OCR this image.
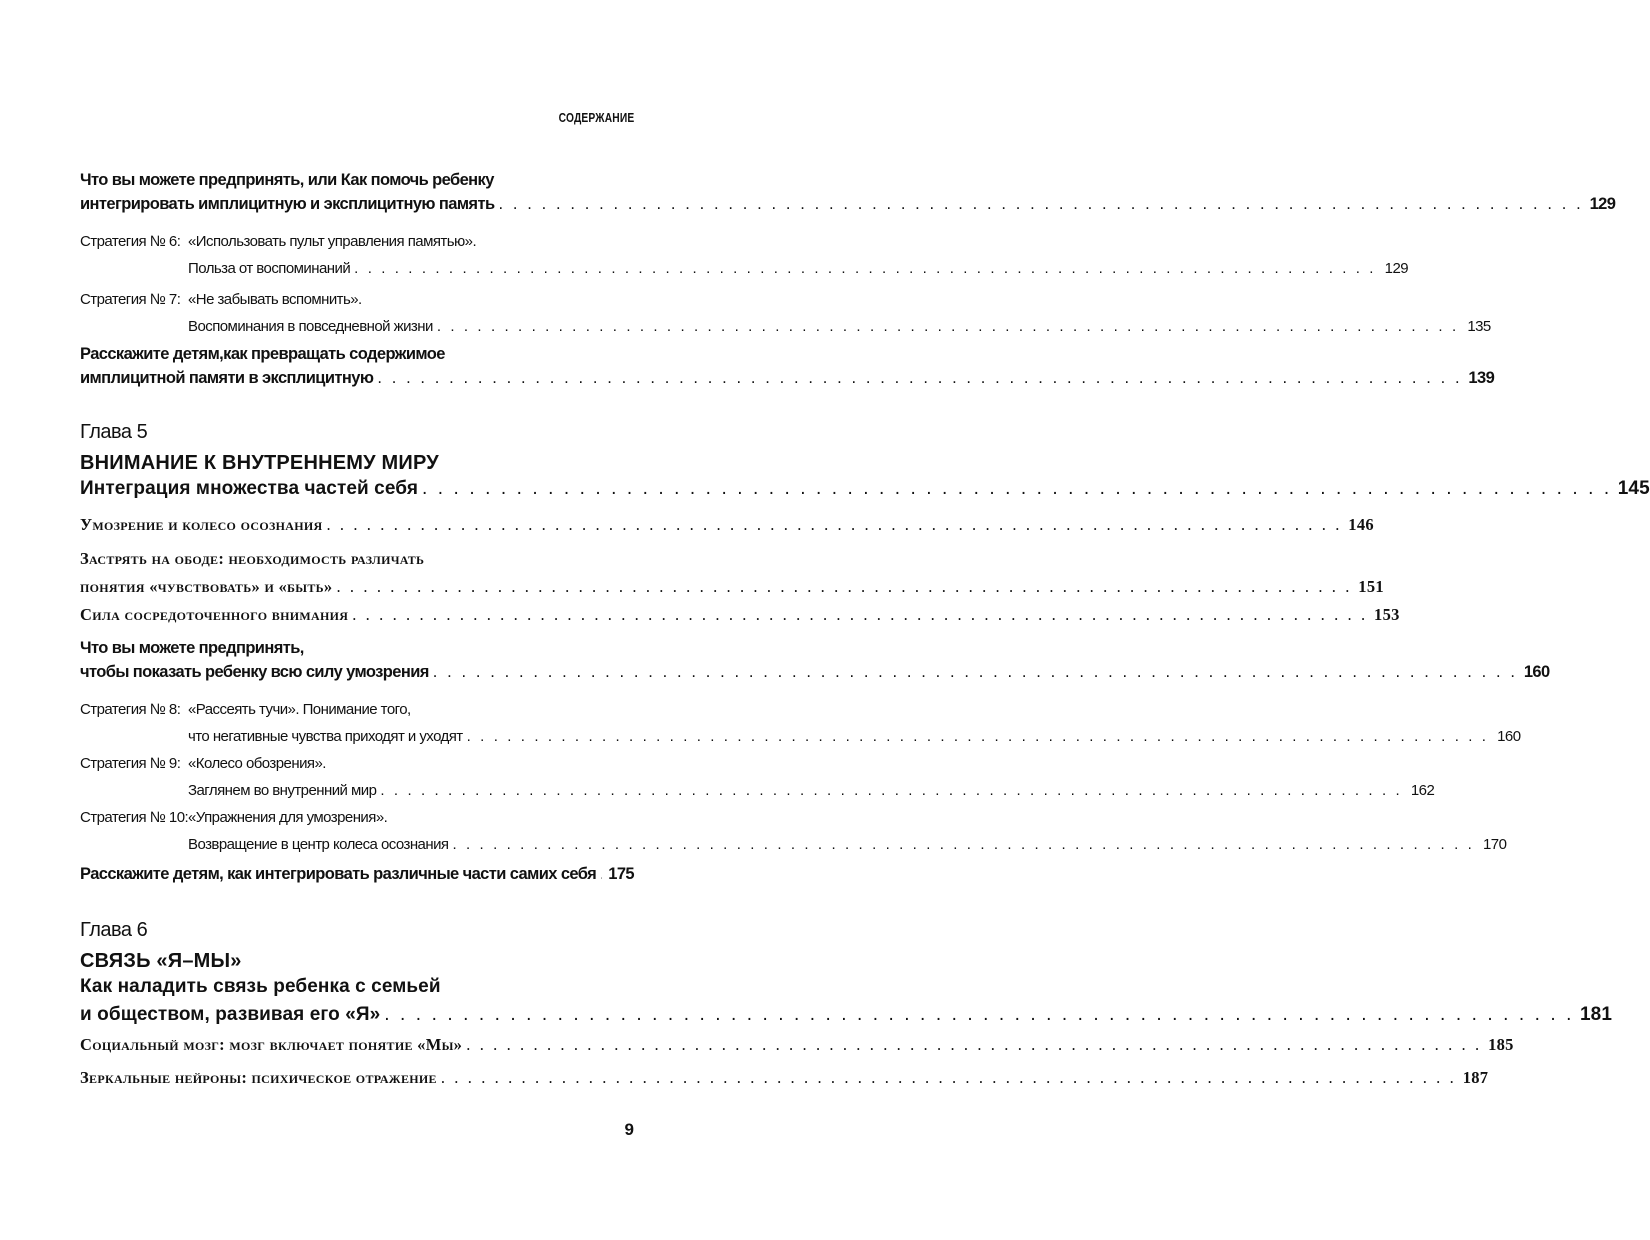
СОДЕРЖАНИЕ
Что вы можете предпринять, или Как помочь ребенку
интегрировать имплицитную и эксплицитную память . . . . . . . . . . . . . . . . . . . . . . . . . . . . . . . . . . . . . . . . . . . . . . . . . . . . . . . . . . . . . . . . . . . . . . . . . . . . 129
Стратегия № 6: «Использовать пульт управления памятью».
Польза от воспоминаний . . . . . . . . . . . . . . . . . . . . . . . . . . . . . . . . . . . . . . . . . . . . . . . . . . . . . . . . . . . . . . . . . . . . . . . . . . . . 129
Стратегия № 7: «Не забывать вспомнить».
Воспоминания в повседневной жизни . . . . . . . . . . . . . . . . . . . . . . . . . . . . . . . . . . . . . . . . . . . . . . . . . . . . . . . . . . . . . . . . . . . . . . . . . . . . 135
Расскажите детям,как превращать содержимое
имплицитной памяти в эксплицитную . . . . . . . . . . . . . . . . . . . . . . . . . . . . . . . . . . . . . . . . . . . . . . . . . . . . . . . . . . . . . . . . . . . . . . . . . . . . 139
Глава 5
ВНИМАНИЕ К ВНУТРЕННЕМУ МИРУ
Интеграция множества частей себя . . . . . . . . . . . . . . . . . . . . . . . . . . . . . . . . . . . . . . . . . . . . . . . . . . . . . . . . . . . . . . . . . . . . . . . . . . . . 145
Умозрение и колесо осознания . . . . . . . . . . . . . . . . . . . . . . . . . . . . . . . . . . . . . . . . . . . . . . . . . . . . . . . . . . . . . . . . . . . . . . . . . . . . 146
Застрять на ободе: необходимость различать
понятия «чувствовать» и «быть» . . . . . . . . . . . . . . . . . . . . . . . . . . . . . . . . . . . . . . . . . . . . . . . . . . . . . . . . . . . . . . . . . . . . . . . . . . . . 151
Сила сосредоточенного внимания . . . . . . . . . . . . . . . . . . . . . . . . . . . . . . . . . . . . . . . . . . . . . . . . . . . . . . . . . . . . . . . . . . . . . . . . . . . . 153
Что вы можете предпринять,
чтобы показать ребенку всю силу умозрения . . . . . . . . . . . . . . . . . . . . . . . . . . . . . . . . . . . . . . . . . . . . . . . . . . . . . . . . . . . . . . . . . . . . . . . . . . . . 160
Стратегия № 8: «Рассеять тучи». Понимание того,
что негативные чувства приходят и уходят . . . . . . . . . . . . . . . . . . . . . . . . . . . . . . . . . . . . . . . . . . . . . . . . . . . . . . . . . . . . . . . . . . . . . . . . . . . . 160
Стратегия № 9: «Колесо обозрения».
Заглянем во внутренний мир . . . . . . . . . . . . . . . . . . . . . . . . . . . . . . . . . . . . . . . . . . . . . . . . . . . . . . . . . . . . . . . . . . . . . . . . . . . . 162
Стратегия № 10:«Упражнения для умозрения».
Возвращение в центр колеса осознания . . . . . . . . . . . . . . . . . . . . . . . . . . . . . . . . . . . . . . . . . . . . . . . . . . . . . . . . . . . . . . . . . . . . . . . . . . . . 170
Расскажите детям, как интегрировать различные части самих себя 175
Глава 6
СВЯЗЬ «Я–МЫ»
Как наладить связь ребенка с семьей
и обществом, развивая его «Я» . . . . . . . . . . . . . . . . . . . . . . . . . . . . . . . . . . . . . . . . . . . . . . . . . . . . . . . . . . . . . . . . . . . . . . . . . . . . 181
Социальный мозг: мозг включает понятие «Мы» . . . . . . . . . . . . . . . . . . . . . . . . . . . . . . . . . . . . . . . . . . . . . . . . . . . . . . . . . . . . . . . . . . . . . . . . . . . . 185
Зеркальные нейроны: психическое отражение . . . . . . . . . . . . . . . . . . . . . . . . . . . . . . . . . . . . . . . . . . . . . . . . . . . . . . . . . . . . . . . . . . . . . . . . . . . . 187
9
